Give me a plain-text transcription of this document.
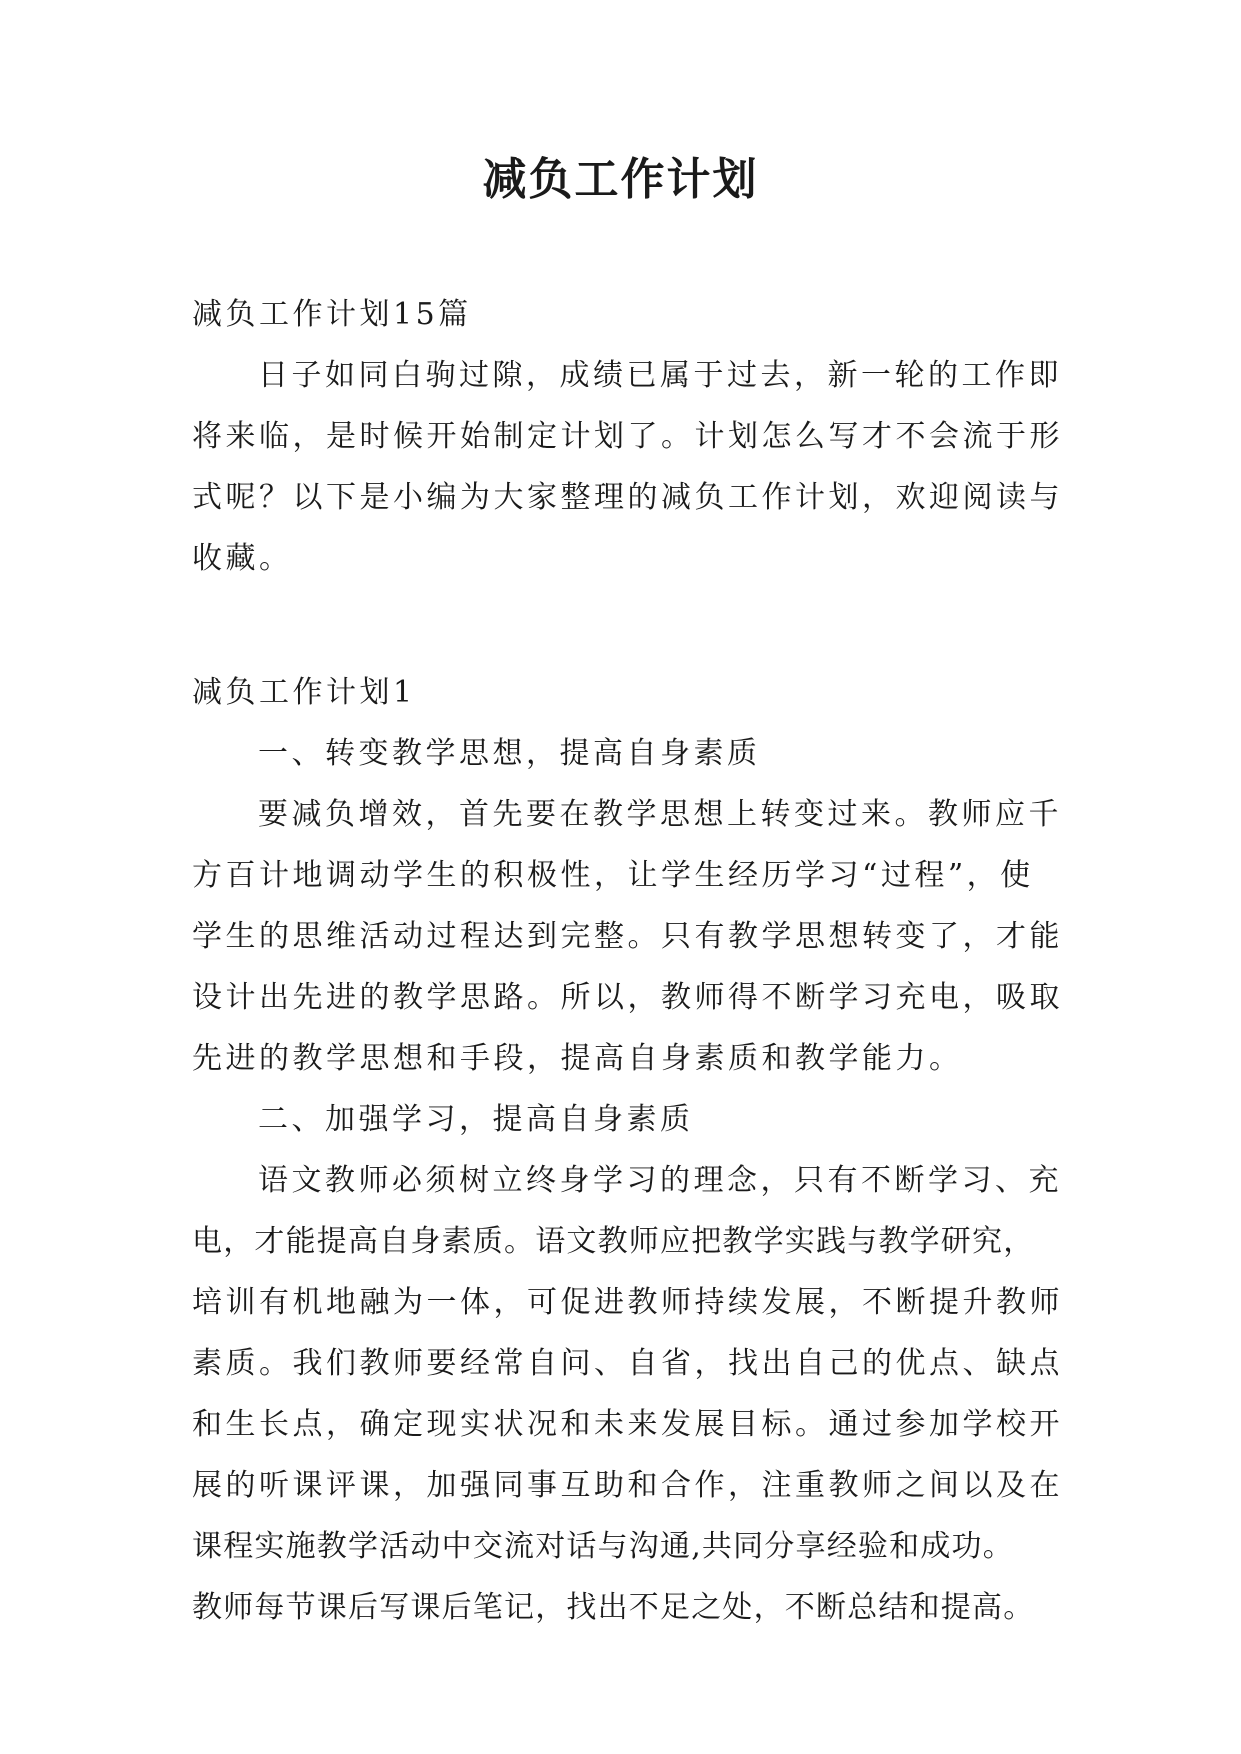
减负工作计划

减负工作计划15篇

日子如同白驹过隙，成绩已属于过去，新一轮的工作即

将来临，是时候开始制定计划了。计划怎么写才不会流于形

式呢？以下是小编为大家整理的减负工作计划，欢迎阅读与

收藏。

减负工作计划1

一、转变教学思想，提高自身素质

要减负增效，首先要在教学思想上转变过来。教师应千

方百计地调动学生的积极性，让学生经历学习“过程”，使

学生的思维活动过程达到完整。只有教学思想转变了，才能

设计出先进的教学思路。所以，教师得不断学习充电，吸取

先进的教学思想和手段，提高自身素质和教学能力。

二、加强学习，提高自身素质

语文教师必须树立终身学习的理念，只有不断学习、充

电，才能提高自身素质。语文教师应把教学实践与教学研究，

培训有机地融为一体，可促进教师持续发展，不断提升教师

素质。我们教师要经常自问、自省，找出自己的优点、缺点

和生长点，确定现实状况和未来发展目标。通过参加学校开

展的听课评课，加强同事互助和合作，注重教师之间以及在

课程实施教学活动中交流对话与沟通,共同分享经验和成功。

教师每节课后写课后笔记，找出不足之处，不断总结和提高。
